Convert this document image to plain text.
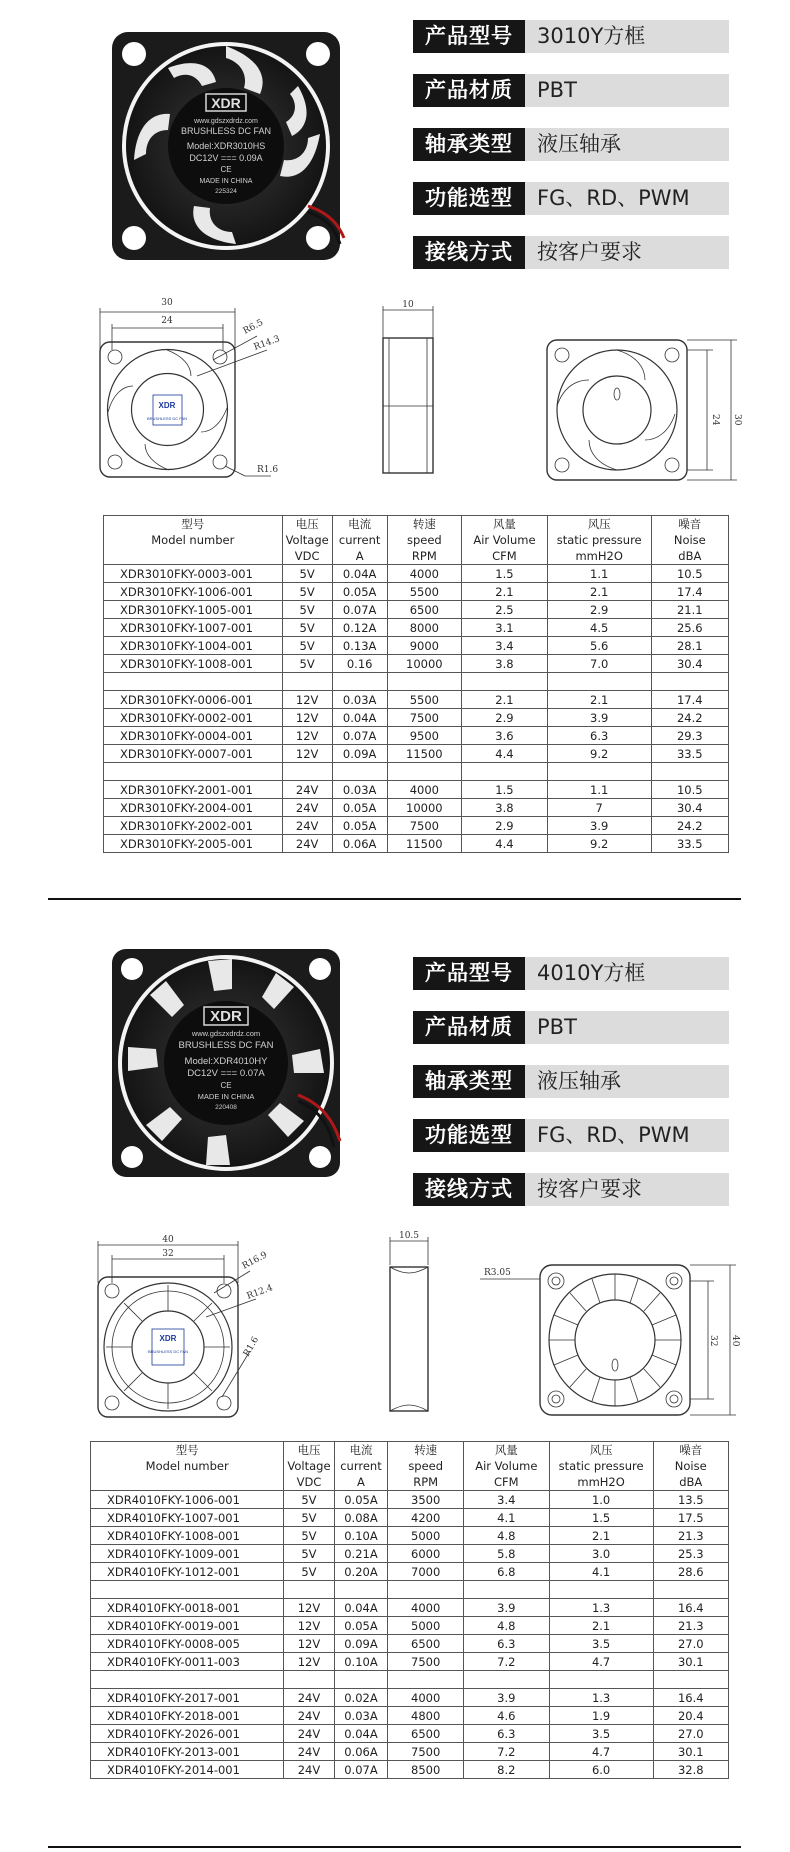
XDR
www.gdszxdrdz.com
BRUSHLESS DC FAN
Model:XDR3010HS
DC12V === 0.09A
CE
MADE IN CHINA
225324
产品型号	3010Y方框
产品材质	PBT
轴承类型	液压轴承
功能选型	FG、RD、PWM
接线方式	按客户要求
30
24	R6.5
R14.3
R1.6
XDR
BRUSHLESS DC FAN
10
24 30
型号	电压	电流	转速	风量	风压	噪音
Model number	Voltage	current	speed	Air Volume	static pressure	Noise
	VDC	A	RPM	CFM	mmH2O	dBA
XDR3010FKY-0003-001	5V	0.04A	4000	1.5	1.1	10.5
XDR3010FKY-1006-001	5V	0.05A	5500	2.1	2.1	17.4
XDR3010FKY-1005-001	5V	0.07A	6500	2.5	2.9	21.1
XDR3010FKY-1007-001	5V	0.12A	8000	3.1	4.5	25.6
XDR3010FKY-1004-001	5V	0.13A	9000	3.4	5.6	28.1
XDR3010FKY-1008-001	5V	0.16	10000	3.8	7.0	30.4

XDR3010FKY-0006-001	12V	0.03A	5500	2.1	2.1	17.4
XDR3010FKY-0002-001	12V	0.04A	7500	2.9	3.9	24.2
XDR3010FKY-0004-001	12V	0.07A	9500	3.6	6.3	29.3
XDR3010FKY-0007-001	12V	0.09A	11500	4.4	9.2	33.5

XDR3010FKY-2001-001	24V	0.03A	4000	1.5	1.1	10.5
XDR3010FKY-2004-001	24V	0.05A	10000	3.8	7	30.4
XDR3010FKY-2002-001	24V	0.05A	7500	2.9	3.9	24.2
XDR3010FKY-2005-001	24V	0.06A	11500	4.4	9.2	33.5
XDR
www.gdszxdrdz.com
BRUSHLESS DC FAN
Model:XDR4010HY
DC12V === 0.07A
CE
MADE IN CHINA
220408
产品型号	4010Y方框
产品材质	PBT
轴承类型	液压轴承
功能选型	FG、RD、PWM
接线方式	按客户要求
40
32	R16.9
R12.4
R1.6
XDR
BRUSHLESS DC FAN
10.5
R3.05
32 40
型号	电压	电流	转速	风量	风压	噪音
Model number	Voltage	current	speed	Air Volume	static pressure	Noise
	VDC	A	RPM	CFM	mmH2O	dBA
XDR4010FKY-1006-001	5V	0.05A	3500	3.4	1.0	13.5
XDR4010FKY-1007-001	5V	0.08A	4200	4.1	1.5	17.5
XDR4010FKY-1008-001	5V	0.10A	5000	4.8	2.1	21.3
XDR4010FKY-1009-001	5V	0.21A	6000	5.8	3.0	25.3
XDR4010FKY-1012-001	5V	0.20A	7000	6.8	4.1	28.6

XDR4010FKY-0018-001	12V	0.04A	4000	3.9	1.3	16.4
XDR4010FKY-0019-001	12V	0.05A	5000	4.8	2.1	21.3
XDR4010FKY-0008-005	12V	0.09A	6500	6.3	3.5	27.0
XDR4010FKY-0011-003	12V	0.10A	7500	7.2	4.7	30.1

XDR4010FKY-2017-001	24V	0.02A	4000	3.9	1.3	16.4
XDR4010FKY-2018-001	24V	0.03A	4800	4.6	1.9	20.4
XDR4010FKY-2026-001	24V	0.04A	6500	6.3	3.5	27.0
XDR4010FKY-2013-001	24V	0.06A	7500	7.2	4.7	30.1
XDR4010FKY-2014-001	24V	0.07A	8500	8.2	6.0	32.8
